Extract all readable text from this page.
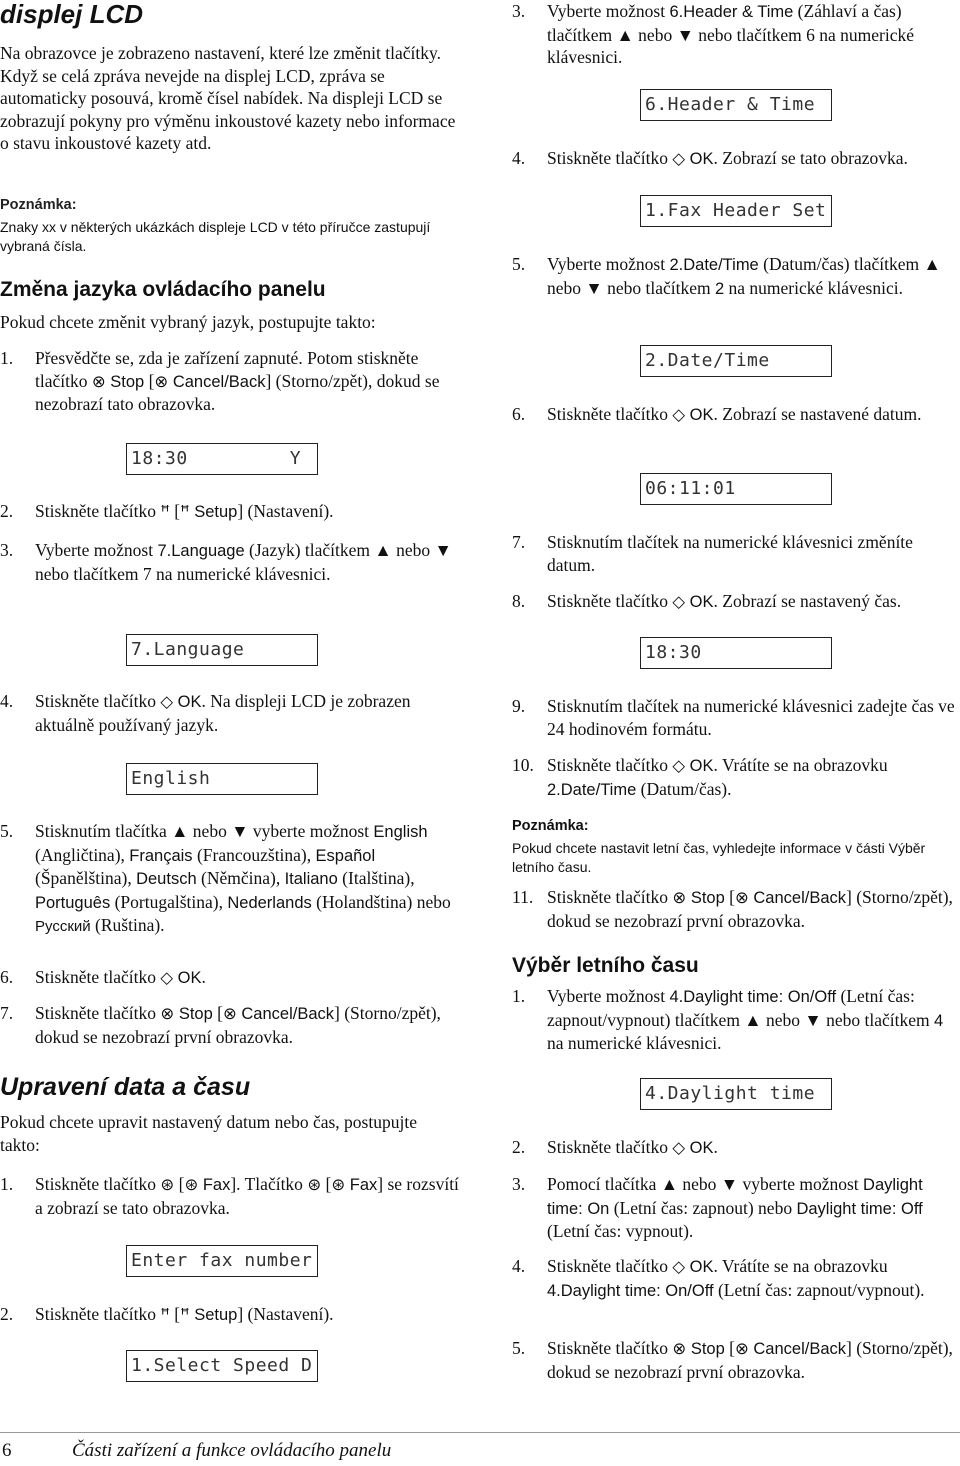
displej LCD
Na obrazovce je zobrazeno nastavení, které lze změnit tlačítky. Když se celá zpráva nevejde na displej LCD, zpráva se automaticky posouvá, kromě čísel nabídek. Na displeji LCD se zobrazují pokyny pro výměnu inkoustové kazety nebo informace o stavu inkoustové kazety atd.
Poznámka:
Znaky xx v některých ukázkách displeje LCD v této příručce zastupují vybraná čísla.
Změna jazyka ovládacího panelu
Pokud chcete změnit vybraný jazyk, postupujte takto:
1.	Přesvědčte se, zda je zařízení zapnuté. Potom stiskněte tlačítko ⊗ Stop [⊗ Cancel/Back] (Storno/zpět), dokud se nezobrazí tato obrazovka.
18:30         Y
2.	Stiskněte tlačítko ꟸ [ꟸ Setup] (Nastavení).
3.	Vyberte možnost 7.Language (Jazyk) tlačítkem ▲ nebo ▼ nebo tlačítkem 7 na numerické klávesnici.
7.Language
4.	Stiskněte tlačítko ◇ OK. Na displeji LCD je zobrazen aktuálně používaný jazyk.
English
5.	Stisknutím tlačítka ▲ nebo ▼ vyberte možnost English (Angličtina), Français (Francouzština), Español (Španělština), Deutsch (Němčina), Italiano (Italština), Português (Portugalština), Nederlands (Holandština) nebo Русский (Ruština).
6.	Stiskněte tlačítko ◇ OK.
7.	Stiskněte tlačítko ⊗ Stop [⊗ Cancel/Back] (Storno/zpět), dokud se nezobrazí první obrazovka.
Upravení data a času
Pokud chcete upravit nastavený datum nebo čas, postupujte takto:
1.	Stiskněte tlačítko ⊛ [⊛ Fax]. Tlačítko ⊛ [⊛ Fax] se rozsvítí a zobrazí se tato obrazovka.
Enter fax number
2.	Stiskněte tlačítko ꟸ [ꟸ Setup] (Nastavení).
1.Select Speed D
3.	Vyberte možnost 6.Header & Time (Záhlaví a čas) tlačítkem ▲ nebo ▼ nebo tlačítkem 6 na numerické klávesnici.
6.Header & Time
4.	Stiskněte tlačítko ◇ OK. Zobrazí se tato obrazovka.
1.Fax Header Set
5.	Vyberte možnost 2.Date/Time (Datum/čas) tlačítkem ▲ nebo ▼ nebo tlačítkem 2 na numerické klávesnici.
2.Date/Time
6.	Stiskněte tlačítko ◇ OK. Zobrazí se nastavené datum.
06:11:01
7.	Stisknutím tlačítek na numerické klávesnici změníte datum.
8.	Stiskněte tlačítko ◇ OK. Zobrazí se nastavený čas.
18:30
9.	Stisknutím tlačítek na numerické klávesnici zadejte čas ve 24 hodinovém formátu.
10. Stiskněte tlačítko ◇ OK. Vrátíte se na obrazovku 2.Date/Time (Datum/čas).
Poznámka:
Pokud chcete nastavit letní čas, vyhledejte informace v části Výběr letního času.
11. Stiskněte tlačítko ⊗ Stop [⊗ Cancel/Back] (Storno/zpět), dokud se nezobrazí první obrazovka.
Výběr letního času
1.	Vyberte možnost 4.Daylight time: On/Off (Letní čas: zapnout/vypnout) tlačítkem ▲ nebo ▼ nebo tlačítkem 4 na numerické klávesnici.
4.Daylight time
2.	Stiskněte tlačítko ◇ OK.
3.	Pomocí tlačítka ▲ nebo ▼ vyberte možnost Daylight time: On (Letní čas: zapnout) nebo Daylight time: Off (Letní čas: vypnout).
4.	Stiskněte tlačítko ◇ OK. Vrátíte se na obrazovku 4.Daylight time: On/Off (Letní čas: zapnout/vypnout).
5.	Stiskněte tlačítko ⊗ Stop [⊗ Cancel/Back] (Storno/zpět), dokud se nezobrazí první obrazovka.
6	Části zařízení a funkce ovládacího panelu
